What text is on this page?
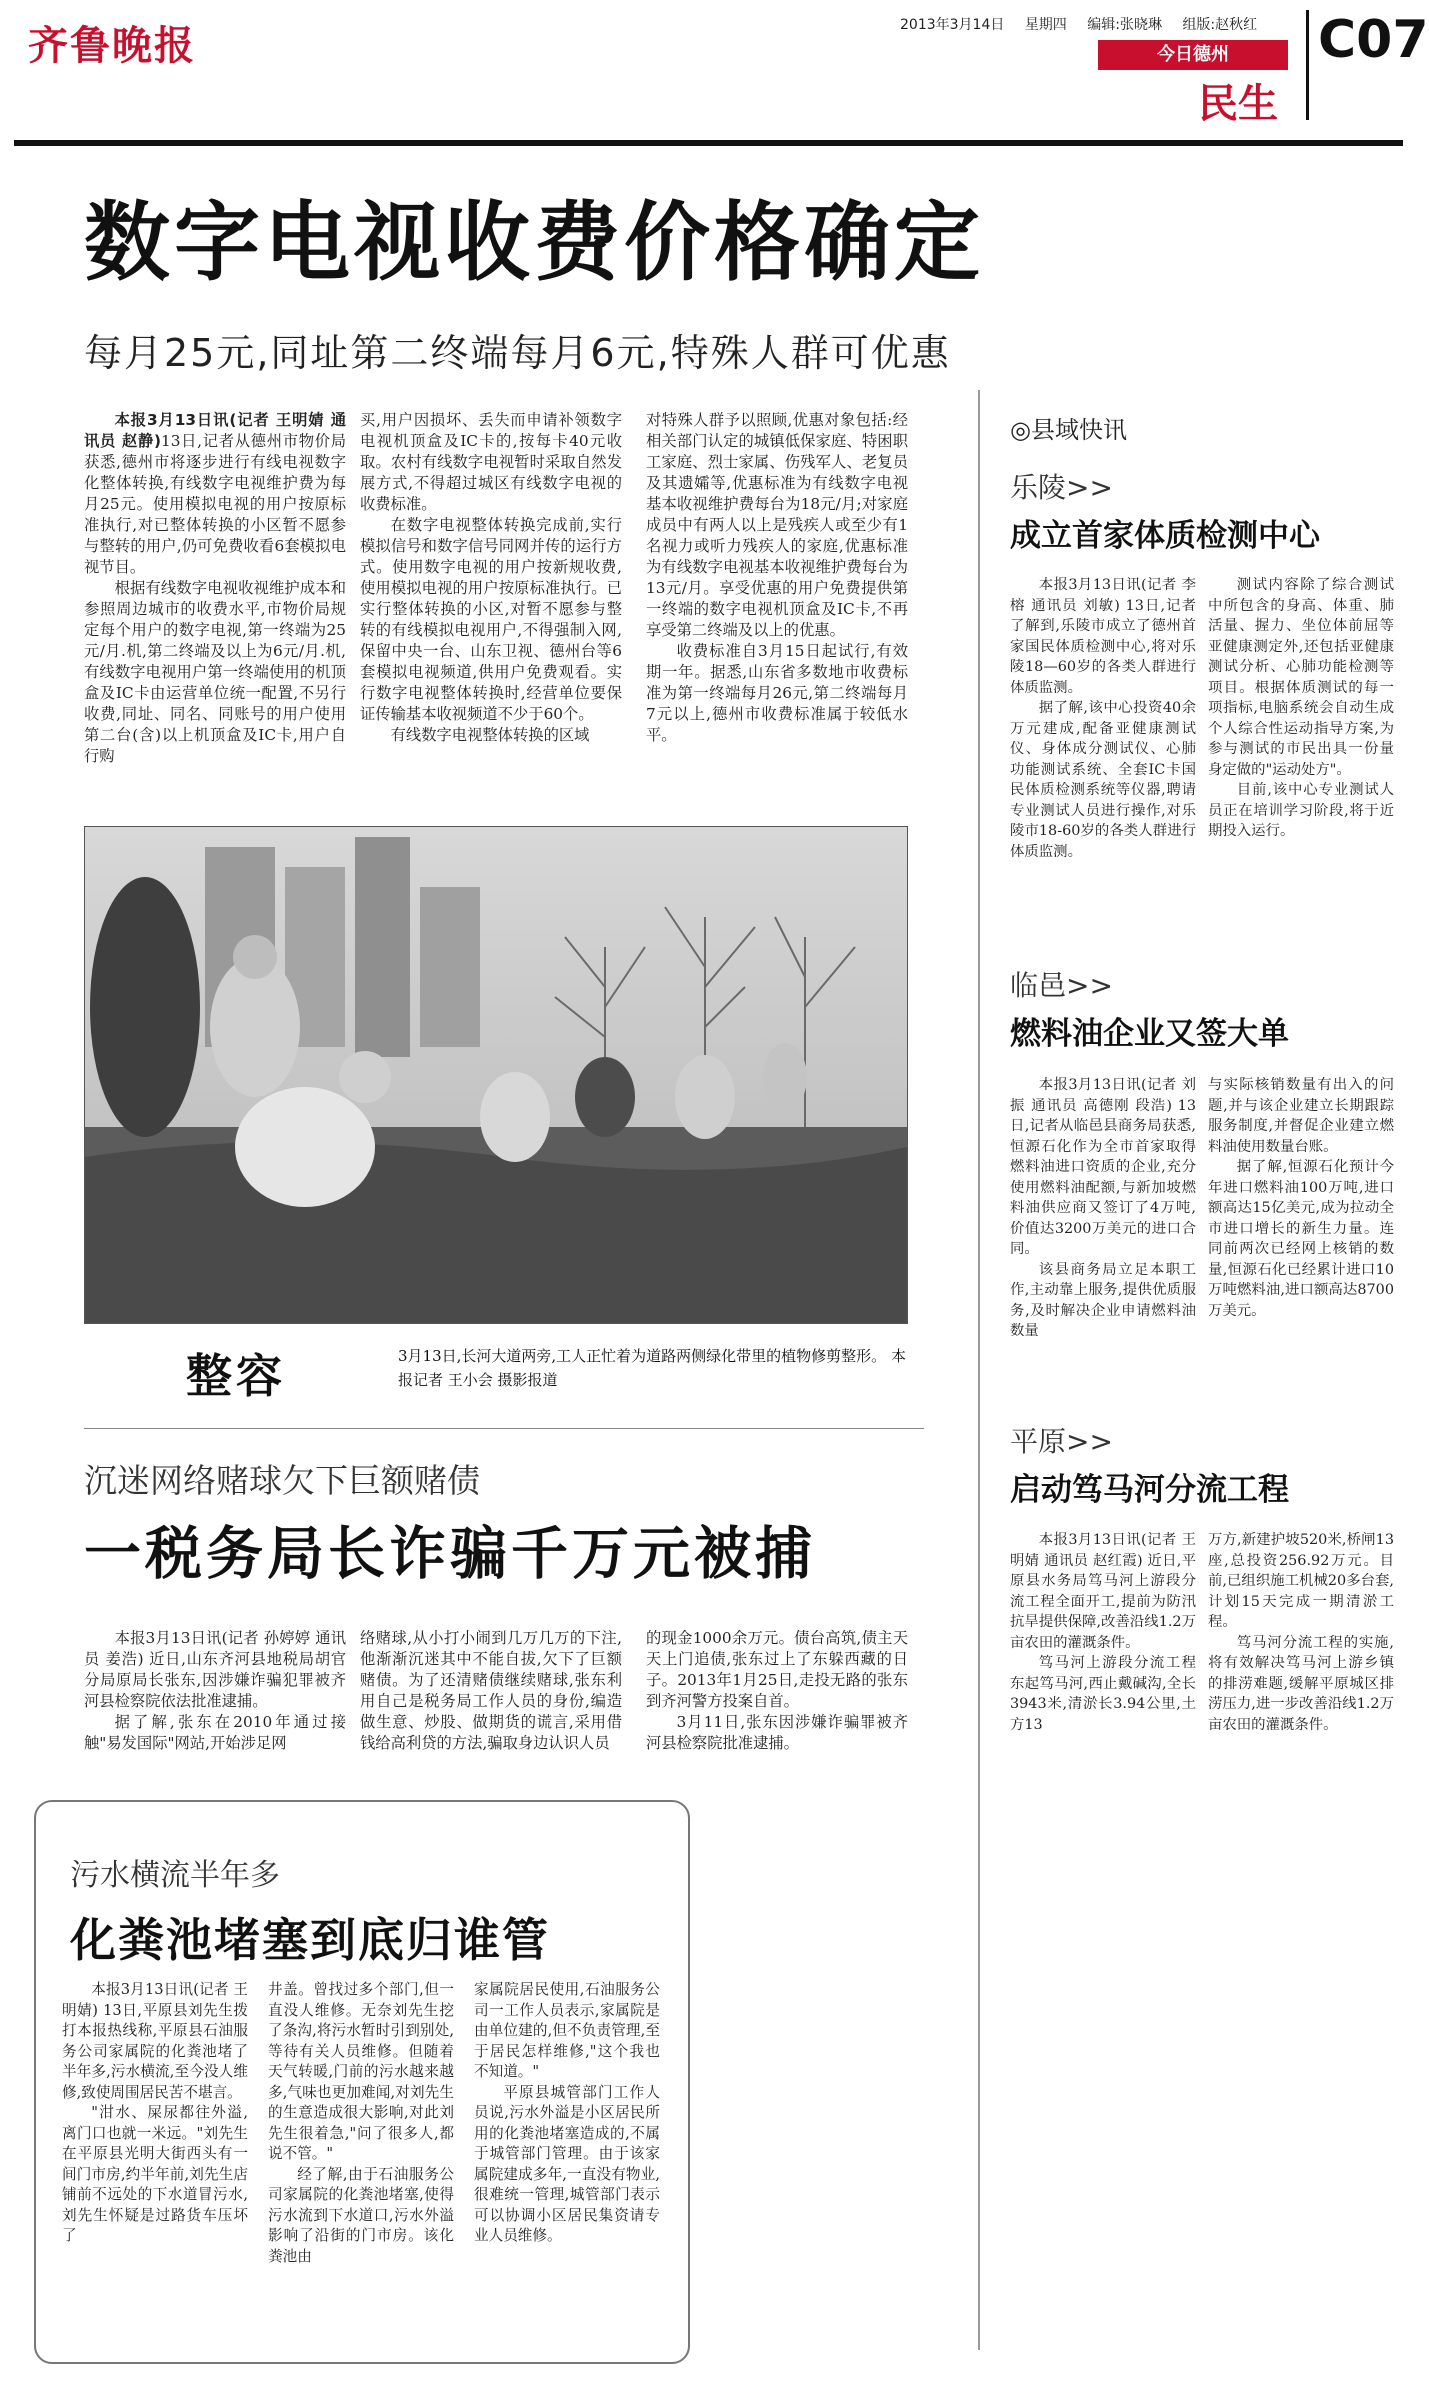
齐鲁晚报	2013年3月14日 星期四 编辑:张晓琳 组版:赵秋红
今日德州
民生
C07
数字电视收费价格确定
每月25元,同址第二终端每月6元,特殊人群可优惠

本报3月13日讯(记者 王明婧 通讯员 赵静)13日,记者从德州市物价局获悉,德州市将逐步进行有线电视数字化整体转换,有线数字电视维护费为每月25元。使用模拟电视的用户按原标准执行,对已整体转换的小区暂不愿参与整转的用户,仍可免费收看6套模拟电视节目。

根据有线数字电视收视维护成本和参照周边城市的收费水平,市物价局规定每个用户的数字电视,第一终端为25元/月.机,第二终端及以上为6元/月.机,有线数字电视用户第一终端使用的机顶盒及IC卡由运营单位统一配置,不另行收费,同址、同名、同账号的用户使用第二台(含)以上机顶盒及IC卡,用户自行购

买,用户因损坏、丢失而申请补领数字电视机顶盒及IC卡的,按每卡40元收取。农村有线数字电视暂时采取自然发展方式,不得超过城区有线数字电视的收费标准。

在数字电视整体转换完成前,实行模拟信号和数字信号同网并传的运行方式。使用数字电视的用户按新规收费,使用模拟电视的用户按原标准执行。已实行整体转换的小区,对暂不愿参与整转的有线模拟电视用户,不得强制入网,保留中央一台、山东卫视、德州台等6套模拟电视频道,供用户免费观看。实行数字电视整体转换时,经营单位要保证传输基本收视频道不少于60个。

有线数字电视整体转换的区域

对特殊人群予以照顾,优惠对象包括:经相关部门认定的城镇低保家庭、特困职工家庭、烈士家属、伤残军人、老复员及其遗孀等,优惠标准为有线数字电视基本收视维护费每台为18元/月;对家庭成员中有两人以上是残疾人或至少有1名视力或听力残疾人的家庭,优惠标准为有线数字电视基本收视维护费每台为13元/月。享受优惠的用户免费提供第一终端的数字电视机顶盒及IC卡,不再享受第二终端及以上的优惠。

收费标准自3月15日起试行,有效期一年。据悉,山东省多数地市收费标准为第一终端每月26元,第二终端每月7元以上,德州市收费标准属于较低水平。

整容	3月13日,长河大道两旁,工人正忙着为道路两侧绿化带里的植物修剪整形。 本报记者 王小会 摄影报道
沉迷网络赌球欠下巨额赌债
一税务局长诈骗千万元被捕

本报3月13日讯(记者 孙婷婷 通讯员 姜浩) 近日,山东齐河县地税局胡官分局原局长张东,因涉嫌诈骗犯罪被齐河县检察院依法批准逮捕。

据了解,张东在2010年通过接触"易发国际"网站,开始涉足网

络赌球,从小打小闹到几万几万的下注,他渐渐沉迷其中不能自拔,欠下了巨额赌债。为了还清赌债继续赌球,张东利用自己是税务局工作人员的身份,编造做生意、炒股、做期货的谎言,采用借钱给高利贷的方法,骗取身边认识人员

的现金1000余万元。债台高筑,债主天天上门追债,张东过上了东躲西藏的日子。2013年1月25日,走投无路的张东到齐河警方投案自首。

3月11日,张东因涉嫌诈骗罪被齐河县检察院批准逮捕。

污水横流半年多
化粪池堵塞到底归谁管

本报3月13日讯(记者 王明婧) 13日,平原县刘先生拨打本报热线称,平原县石油服务公司家属院的化粪池堵了半年多,污水横流,至今没人维修,致使周围居民苦不堪言。

"泔水、屎尿都往外溢,离门口也就一米远。"刘先生在平原县光明大街西头有一间门市房,约半年前,刘先生店铺前不远处的下水道冒污水,刘先生怀疑是过路货车压坏了

井盖。曾找过多个部门,但一直没人维修。无奈刘先生挖了条沟,将污水暂时引到别处,等待有关人员维修。但随着天气转暖,门前的污水越来越多,气味也更加难闻,对刘先生的生意造成很大影响,对此刘先生很着急,"问了很多人,都说不管。"

经了解,由于石油服务公司家属院的化粪池堵塞,使得污水流到下水道口,污水外溢影响了沿街的门市房。该化粪池由

家属院居民使用,石油服务公司一工作人员表示,家属院是由单位建的,但不负责管理,至于居民怎样维修,"这个我也不知道。"

平原县城管部门工作人员说,污水外溢是小区居民所用的化粪池堵塞造成的,不属于城管部门管理。由于该家属院建成多年,一直没有物业,很难统一管理,城管部门表示可以协调小区居民集资请专业人员维修。

◎县域快讯
乐陵>>
成立首家体质检测中心

本报3月13日讯(记者 李榕 通讯员 刘敏) 13日,记者了解到,乐陵市成立了德州首家国民体质检测中心,将对乐陵18—60岁的各类人群进行体质监测。

据了解,该中心投资40余万元建成,配备亚健康测试仪、身体成分测试仪、心肺功能测试系统、全套IC卡国民体质检测系统等仪器,聘请专业测试人员进行操作,对乐陵市18-60岁的各类人群进行体质监测。

测试内容除了综合测试中所包含的身高、体重、肺活量、握力、坐位体前屈等亚健康测定外,还包括亚健康测试分析、心肺功能检测等项目。根据体质测试的每一项指标,电脑系统会自动生成个人综合性运动指导方案,为参与测试的市民出具一份量身定做的"运动处方"。

目前,该中心专业测试人员正在培训学习阶段,将于近期投入运行。

临邑>>
燃料油企业又签大单

本报3月13日讯(记者 刘振 通讯员 高德刚 段浩) 13日,记者从临邑县商务局获悉,恒源石化作为全市首家取得燃料油进口资质的企业,充分使用燃料油配额,与新加坡燃料油供应商又签订了4万吨,价值达3200万美元的进口合同。

该县商务局立足本职工作,主动靠上服务,提供优质服务,及时解决企业申请燃料油数量

与实际核销数量有出入的问题,并与该企业建立长期跟踪服务制度,并督促企业建立燃料油使用数量台账。

据了解,恒源石化预计今年进口燃料油100万吨,进口额高达15亿美元,成为拉动全市进口增长的新生力量。连同前两次已经网上核销的数量,恒源石化已经累计进口10万吨燃料油,进口额高达8700万美元。

平原>>
启动笃马河分流工程

本报3月13日讯(记者 王明婧 通讯员 赵红霞) 近日,平原县水务局笃马河上游段分流工程全面开工,提前为防汛抗旱提供保障,改善沿线1.2万亩农田的灌溉条件。

笃马河上游段分流工程东起笃马河,西止戴碱沟,全长3943米,清淤长3.94公里,土方13

万方,新建护坡520米,桥闸13座,总投资256.92万元。目前,已组织施工机械20多台套,计划15天完成一期清淤工程。

笃马河分流工程的实施,将有效解决笃马河上游乡镇的排涝难题,缓解平原城区排涝压力,进一步改善沿线1.2万亩农田的灌溉条件。
